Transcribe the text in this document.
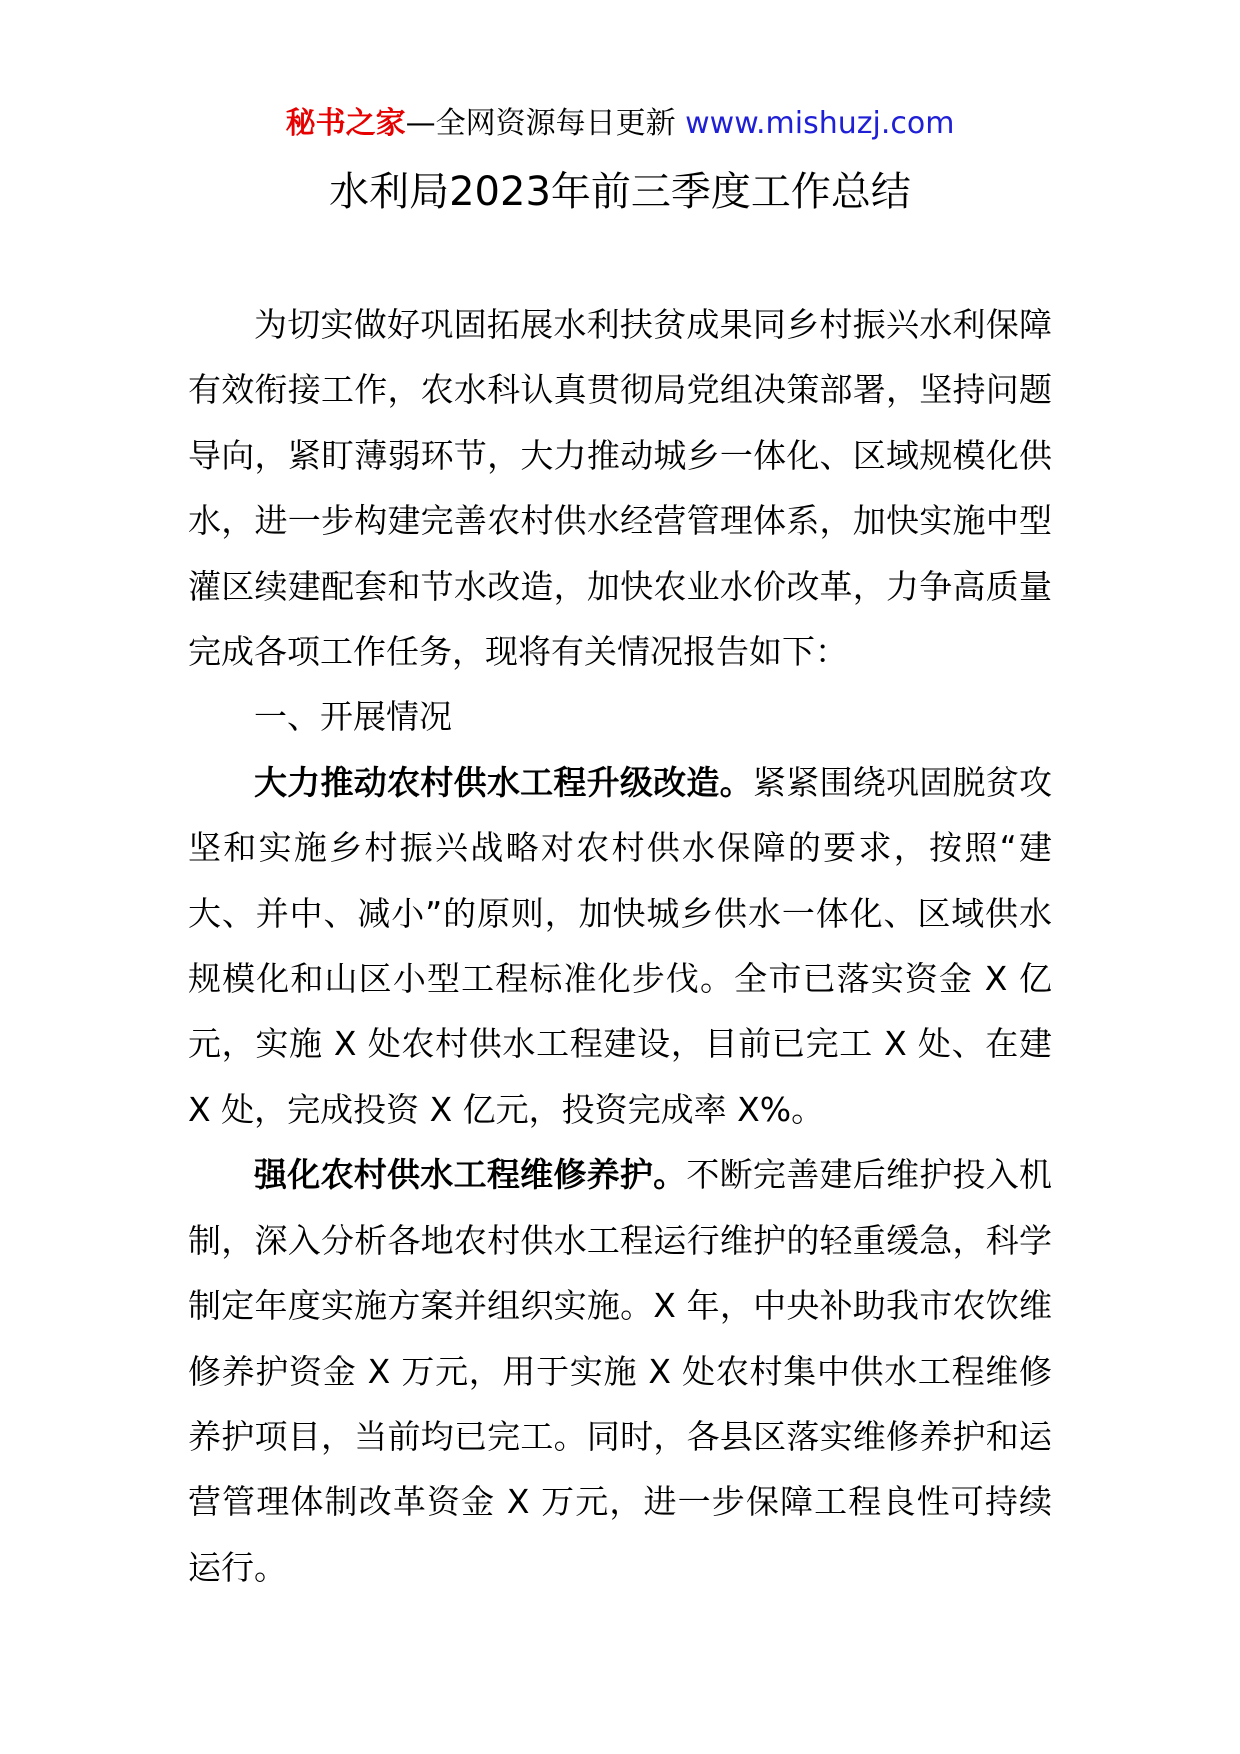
秘书之家—全网资源每日更新 www.mishuzj.com
水利局2023年前三季度工作总结

为切实做好巩固拓展水利扶贫成果同乡村振兴水利保障有效衔接工作，农水科认真贯彻局党组决策部署，坚持问题导向，紧盯薄弱环节，大力推动城乡一体化、区域规模化供水，进一步构建完善农村供水经营管理体系，加快实施中型灌区续建配套和节水改造，加快农业水价改革，力争高质量完成各项工作任务，现将有关情况报告如下：

一、开展情况

大力推动农村供水工程升级改造。紧紧围绕巩固脱贫攻坚和实施乡村振兴战略对农村供水保障的要求，按照“建大、并中、减小”的原则，加快城乡供水一体化、区域供水规模化和山区小型工程标准化步伐。全市已落实资金 X 亿元，实施 X 处农村供水工程建设，目前已完工 X 处、在建 X 处，完成投资 X 亿元，投资完成率 X%。

强化农村供水工程维修养护。不断完善建后维护投入机制，深入分析各地农村供水工程运行维护的轻重缓急，科学制定年度实施方案并组织实施。X 年，中央补助我市农饮维修养护资金 X 万元，用于实施 X 处农村集中供水工程维修养护项目，当前均已完工。同时，各县区落实维修养护和运营管理体制改革资金 X 万元，进一步保障工程良性可持续运行。
